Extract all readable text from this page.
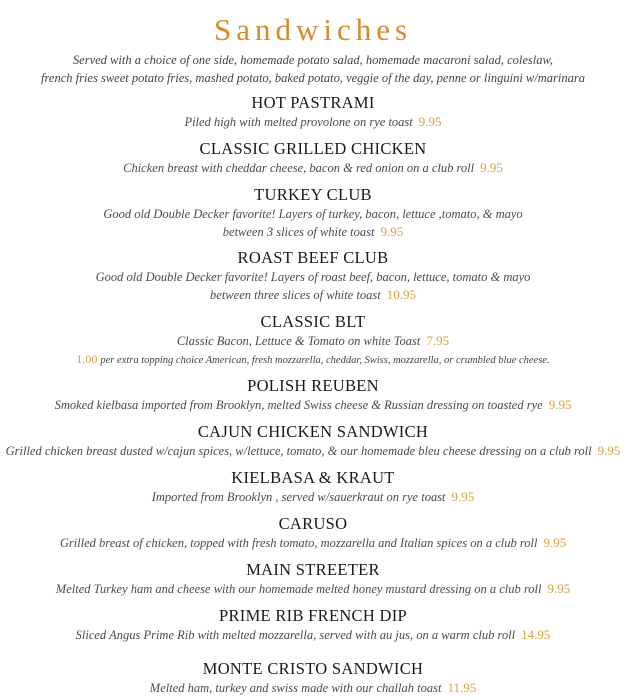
Sandwiches
Served with a choice of one side, homemade potato salad, homemade macaroni salad, coleslaw,
french fries sweet potato fries, mashed potato, baked potato, veggie of the day, penne or linguini w/marinara
HOT PASTRAMI
Piled high with melted provolone on rye toast 9.95
CLASSIC GRILLED CHICKEN
Chicken breast with cheddar cheese, bacon & red onion on a club roll 9.95
TURKEY CLUB
Good old Double Decker favorite! Layers of turkey, bacon, lettuce ,tomato, & mayo
between 3 slices of white toast 9.95
ROAST BEEF CLUB
Good old Double Decker favorite! Layers of roast beef, bacon, lettuce, tomato & mayo
between three slices of white toast 10.95
CLASSIC BLT
Classic Bacon, Lettuce & Tomato on white Toast 7.95
1.00 per extra topping choice American, fresh mozzarella, cheddar, Swiss, mozzarella, or crumbled blue cheese.
POLISH REUBEN
Smoked kielbasa imported from Brooklyn, melted Swiss cheese & Russian dressing on toasted rye 9.95
CAJUN CHICKEN SANDWICH
Grilled chicken breast dusted w/cajun spices, w/lettuce, tomato, & our homemade bleu cheese dressing on a club roll 9.95
KIELBASA & KRAUT
Imported from Brooklyn , served w/sauerkraut on rye toast 9.95
CARUSO
Grilled breast of chicken, topped with fresh tomato, mozzarella and Italian spices on a club roll 9.95
MAIN STREETER
Melted Turkey ham and cheese with our homemade melted honey mustard dressing on a club roll 9.95
PRIME RIB FRENCH DIP
Sliced Angus Prime Rib with melted mozzarella, served with au jus, on a warm club roll 14.95
MONTE CRISTO SANDWICH
Melted ham, turkey and swiss made with our challah toast 11.95
